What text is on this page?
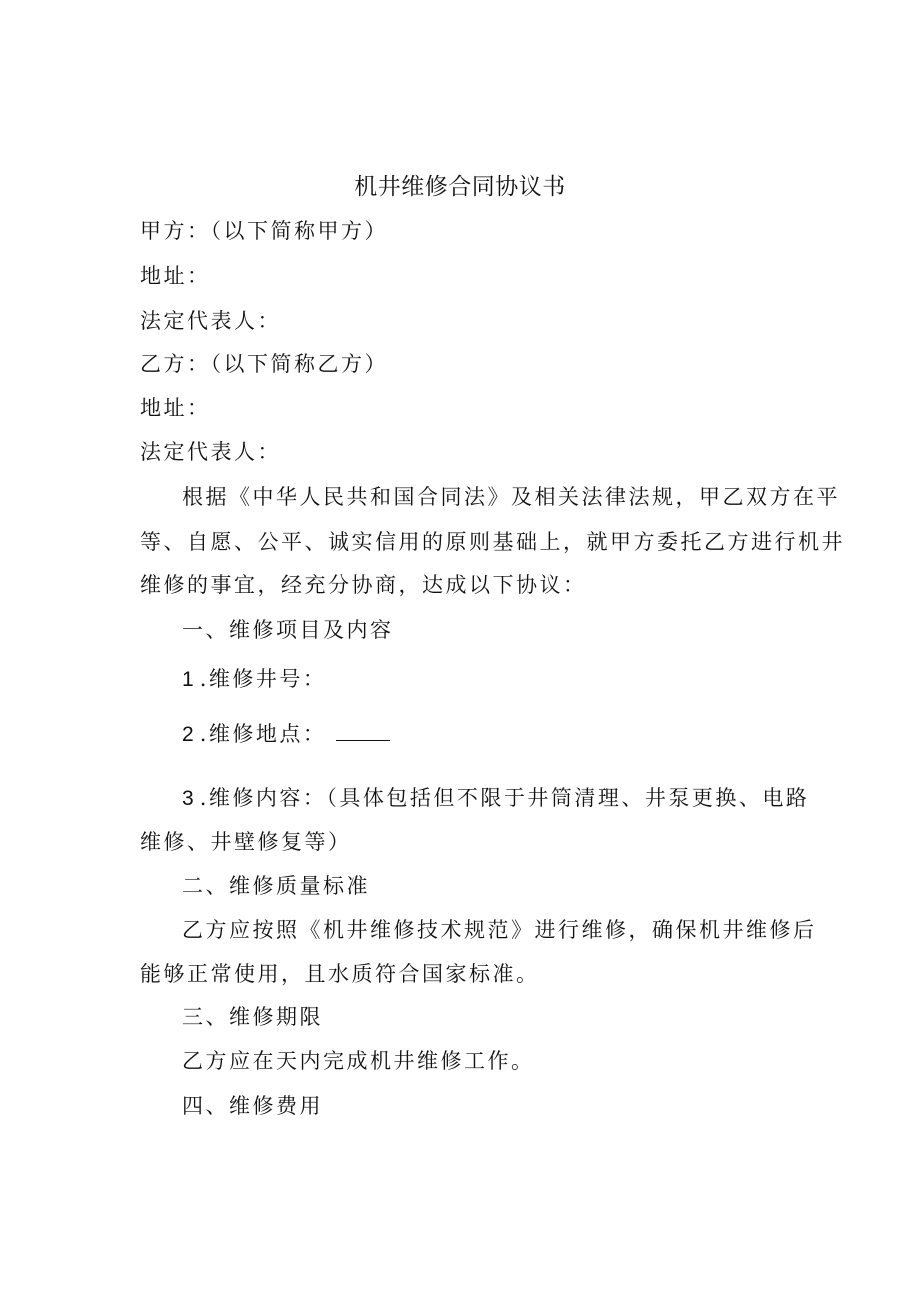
机井维修合同协议书

甲方：（以下简称甲方）

地址：

法定代表人：

乙方：（以下简称乙方）

地址：

法定代表人：

根据《中华人民共和国合同法》及相关法律法规，甲乙双方在平

等、自愿、公平、诚实信用的原则基础上，就甲方委托乙方进行机井

维修的事宜，经充分协商，达成以下协议：

一、维修项目及内容

1 .维修井号：

2 .维修地点：

3 .维修内容：（具体包括但不限于井筒清理、井泵更换、电路

维修、井壁修复等）

二、维修质量标准

乙方应按照《机井维修技术规范》进行维修，确保机井维修后

能够正常使用，且水质符合国家标准。

三、维修期限

乙方应在天内完成机井维修工作。

四、维修费用
